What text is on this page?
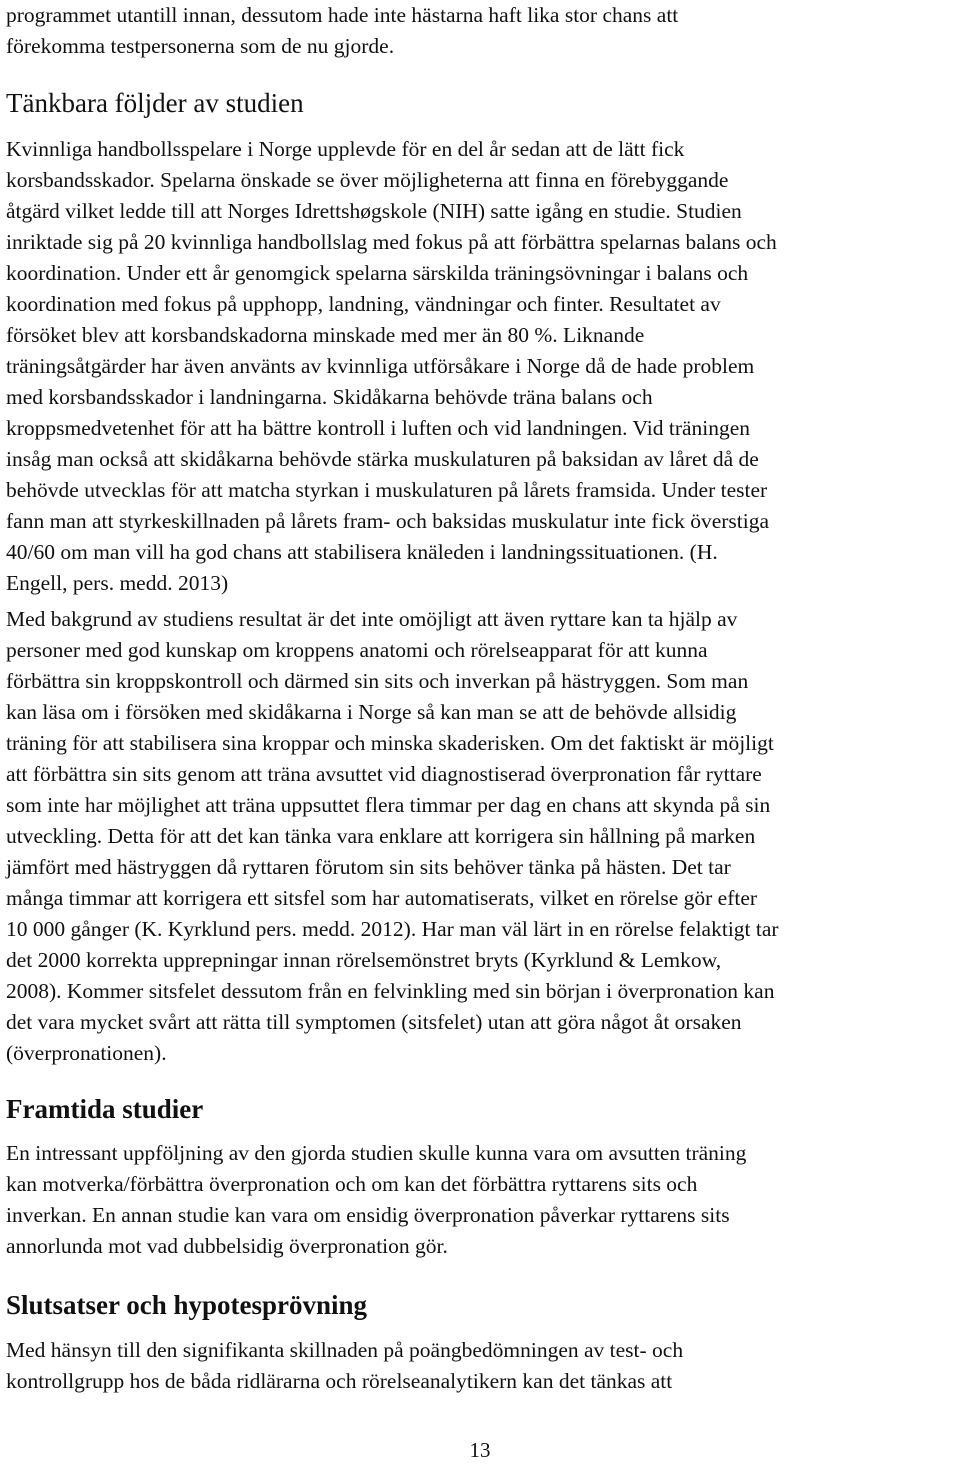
programmet utantill innan, dessutom hade inte hästarna haft lika stor chans att
förekomma testpersonerna som de nu gjorde.

Tänkbara följder av studien

Kvinnliga handbollsspelare i Norge upplevde för en del år sedan att de lätt fick
korsbandsskador. Spelarna önskade se över möjligheterna att finna en förebyggande
åtgärd vilket ledde till att Norges Idrettshøgskole (NIH) satte igång en studie. Studien
inriktade sig på 20 kvinnliga handbollslag med fokus på att förbättra spelarnas balans och
koordination. Under ett år genomgick spelarna särskilda träningsövningar i balans och
koordination med fokus på upphopp, landning, vändningar och finter. Resultatet av
försöket blev att korsbandskadorna minskade med mer än 80 %. Liknande
träningsåtgärder har även använts av kvinnliga utförsåkare i Norge då de hade problem
med korsbandsskador i landningarna. Skidåkarna behövde träna balans och
kroppsmedvetenhet för att ha bättre kontroll i luften och vid landningen. Vid träningen
insåg man också att skidåkarna behövde stärka muskulaturen på baksidan av låret då de
behövde utvecklas för att matcha styrkan i muskulaturen på lårets framsida. Under tester
fann man att styrkeskillnaden på lårets fram- och baksidas muskulatur inte fick överstiga
40/60 om man vill ha god chans att stabilisera knäleden i landningssituationen. (H.
Engell, pers. medd. 2013)

Med bakgrund av studiens resultat är det inte omöjligt att även ryttare kan ta hjälp av
personer med god kunskap om kroppens anatomi och rörelseapparat för att kunna
förbättra sin kroppskontroll och därmed sin sits och inverkan på hästryggen. Som man
kan läsa om i försöken med skidåkarna i Norge så kan man se att de behövde allsidig
träning för att stabilisera sina kroppar och minska skaderisken. Om det faktiskt är möjligt
att förbättra sin sits genom att träna avsuttet vid diagnostiserad överpronation får ryttare
som inte har möjlighet att träna uppsuttet flera timmar per dag en chans att skynda på sin
utveckling. Detta för att det kan tänka vara enklare att korrigera sin hållning på marken
jämfört med hästryggen då ryttaren förutom sin sits behöver tänka på hästen. Det tar
många timmar att korrigera ett sitsfel som har automatiserats, vilket en rörelse gör efter
10 000 gånger (K. Kyrklund pers. medd. 2012). Har man väl lärt in en rörelse felaktigt tar
det 2000 korrekta upprepningar innan rörelsemönstret bryts (Kyrklund & Lemkow,
2008). Kommer sitsfelet dessutom från en felvinkling med sin början i överpronation kan
det vara mycket svårt att rätta till symptomen (sitsfelet) utan att göra något åt orsaken
(överpronationen).

Framtida studier

En intressant uppföljning av den gjorda studien skulle kunna vara om avsutten träning
kan motverka/förbättra överpronation och om kan det förbättra ryttarens sits och
inverkan. En annan studie kan vara om ensidig överpronation påverkar ryttarens sits
annorlunda mot vad dubbelsidig överpronation gör.

Slutsatser och hypotesprövning

Med hänsyn till den signifikanta skillnaden på poängbedömningen av test- och
kontrollgrupp hos de båda ridlärarna och rörelseanalytikern kan det tänkas att

13
